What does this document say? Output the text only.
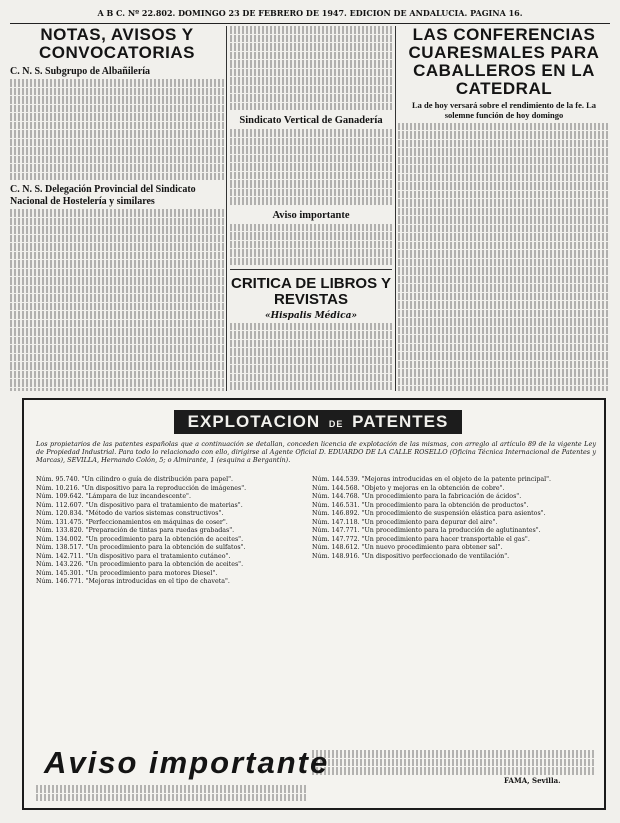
A B C. Nº 22.802. DOMINGO 23 DE FEBRERO DE 1947. EDICION DE ANDALUCIA. PAGINA 16.
NOTAS, AVISOS Y CONVOCATORIAS
C. N. S. Subgrupo de Albañilería
C. N. S. Delegación Provincial del Sindicato Nacional de Hostelería y similares
Sindicato Vertical de Ganadería
Aviso importante
CRITICA DE LIBROS Y REVISTAS
«Hispalis Médica»
LAS CONFERENCIAS CUARESMALES PARA CABALLEROS EN LA CATEDRAL
La de hoy versará sobre el rendimiento de la fe. La solemne función de hoy domingo
EXPLOTACION DE PATENTES
Los propietarios de las patentes españolas que a continuación se detallan, conceden licencia de explotación de las mismas, con arreglo al artículo 89 de la vigente Ley de Propiedad Industrial. Para todo lo relacionado con ello, dirigirse al Agente Oficial D. EDUARDO DE LA CALLE ROSELLO (Oficina Técnica Internacional de Patentes y Marcas), SEVILLA, Hernando Colón, 5; o Almirante, 1 (esquina a Bergantín).
Núm. 95.740. "Un cilindro o guía de distribución para papel".
Núm. 10.216. "Un dispositivo para la reproducción de imágenes".
Núm. 109.642. "Lámpara de luz incandescente".
Núm. 112.607. "Un dispositivo para el tratamiento de materias".
Núm. 120.834. "Método de varios sistemas constructivos".
Núm. 131.475. "Perfeccionamientos en máquinas de coser".
Núm. 133.820. "Preparación de tintas para ruedas grabadas".
Núm. 134.002. "Un procedimiento para la obtención de aceites".
Núm. 138.517. "Un procedimiento para la obtención de sulfatos".
Núm. 142.711. "Un dispositivo para el tratamiento cutáneo".
Núm. 143.226. "Un procedimiento para la obtención de aceites".
Núm. 145.301. "Un procedimiento para motores Diesel".
Núm. 146.771. "Mejoras introducidas en el tipo de chaveta".
Núm. 144.539. "Mejoras introducidas en el objeto de la patente principal".
Núm. 144.568. "Objeto y mejoras en la obtención de cobre".
Núm. 144.768. "Un procedimiento para la fabricación de ácidos".
Núm. 146.531. "Un procedimiento para la obtención de productos".
Núm. 146.892. "Un procedimiento de suspensión elástica para asientos".
Núm. 147.118. "Un procedimiento para depurar del aire".
Núm. 147.771. "Un procedimiento para la producción de aglutinantes".
Núm. 147.772. "Un procedimiento para hacer transportable el gas".
Núm. 148.612. "Un nuevo procedimiento para obtener sal".
Núm. 148.916. "Un dispositivo perfeccionado de ventilación".
Aviso importante
FAMA, Sevilla.
